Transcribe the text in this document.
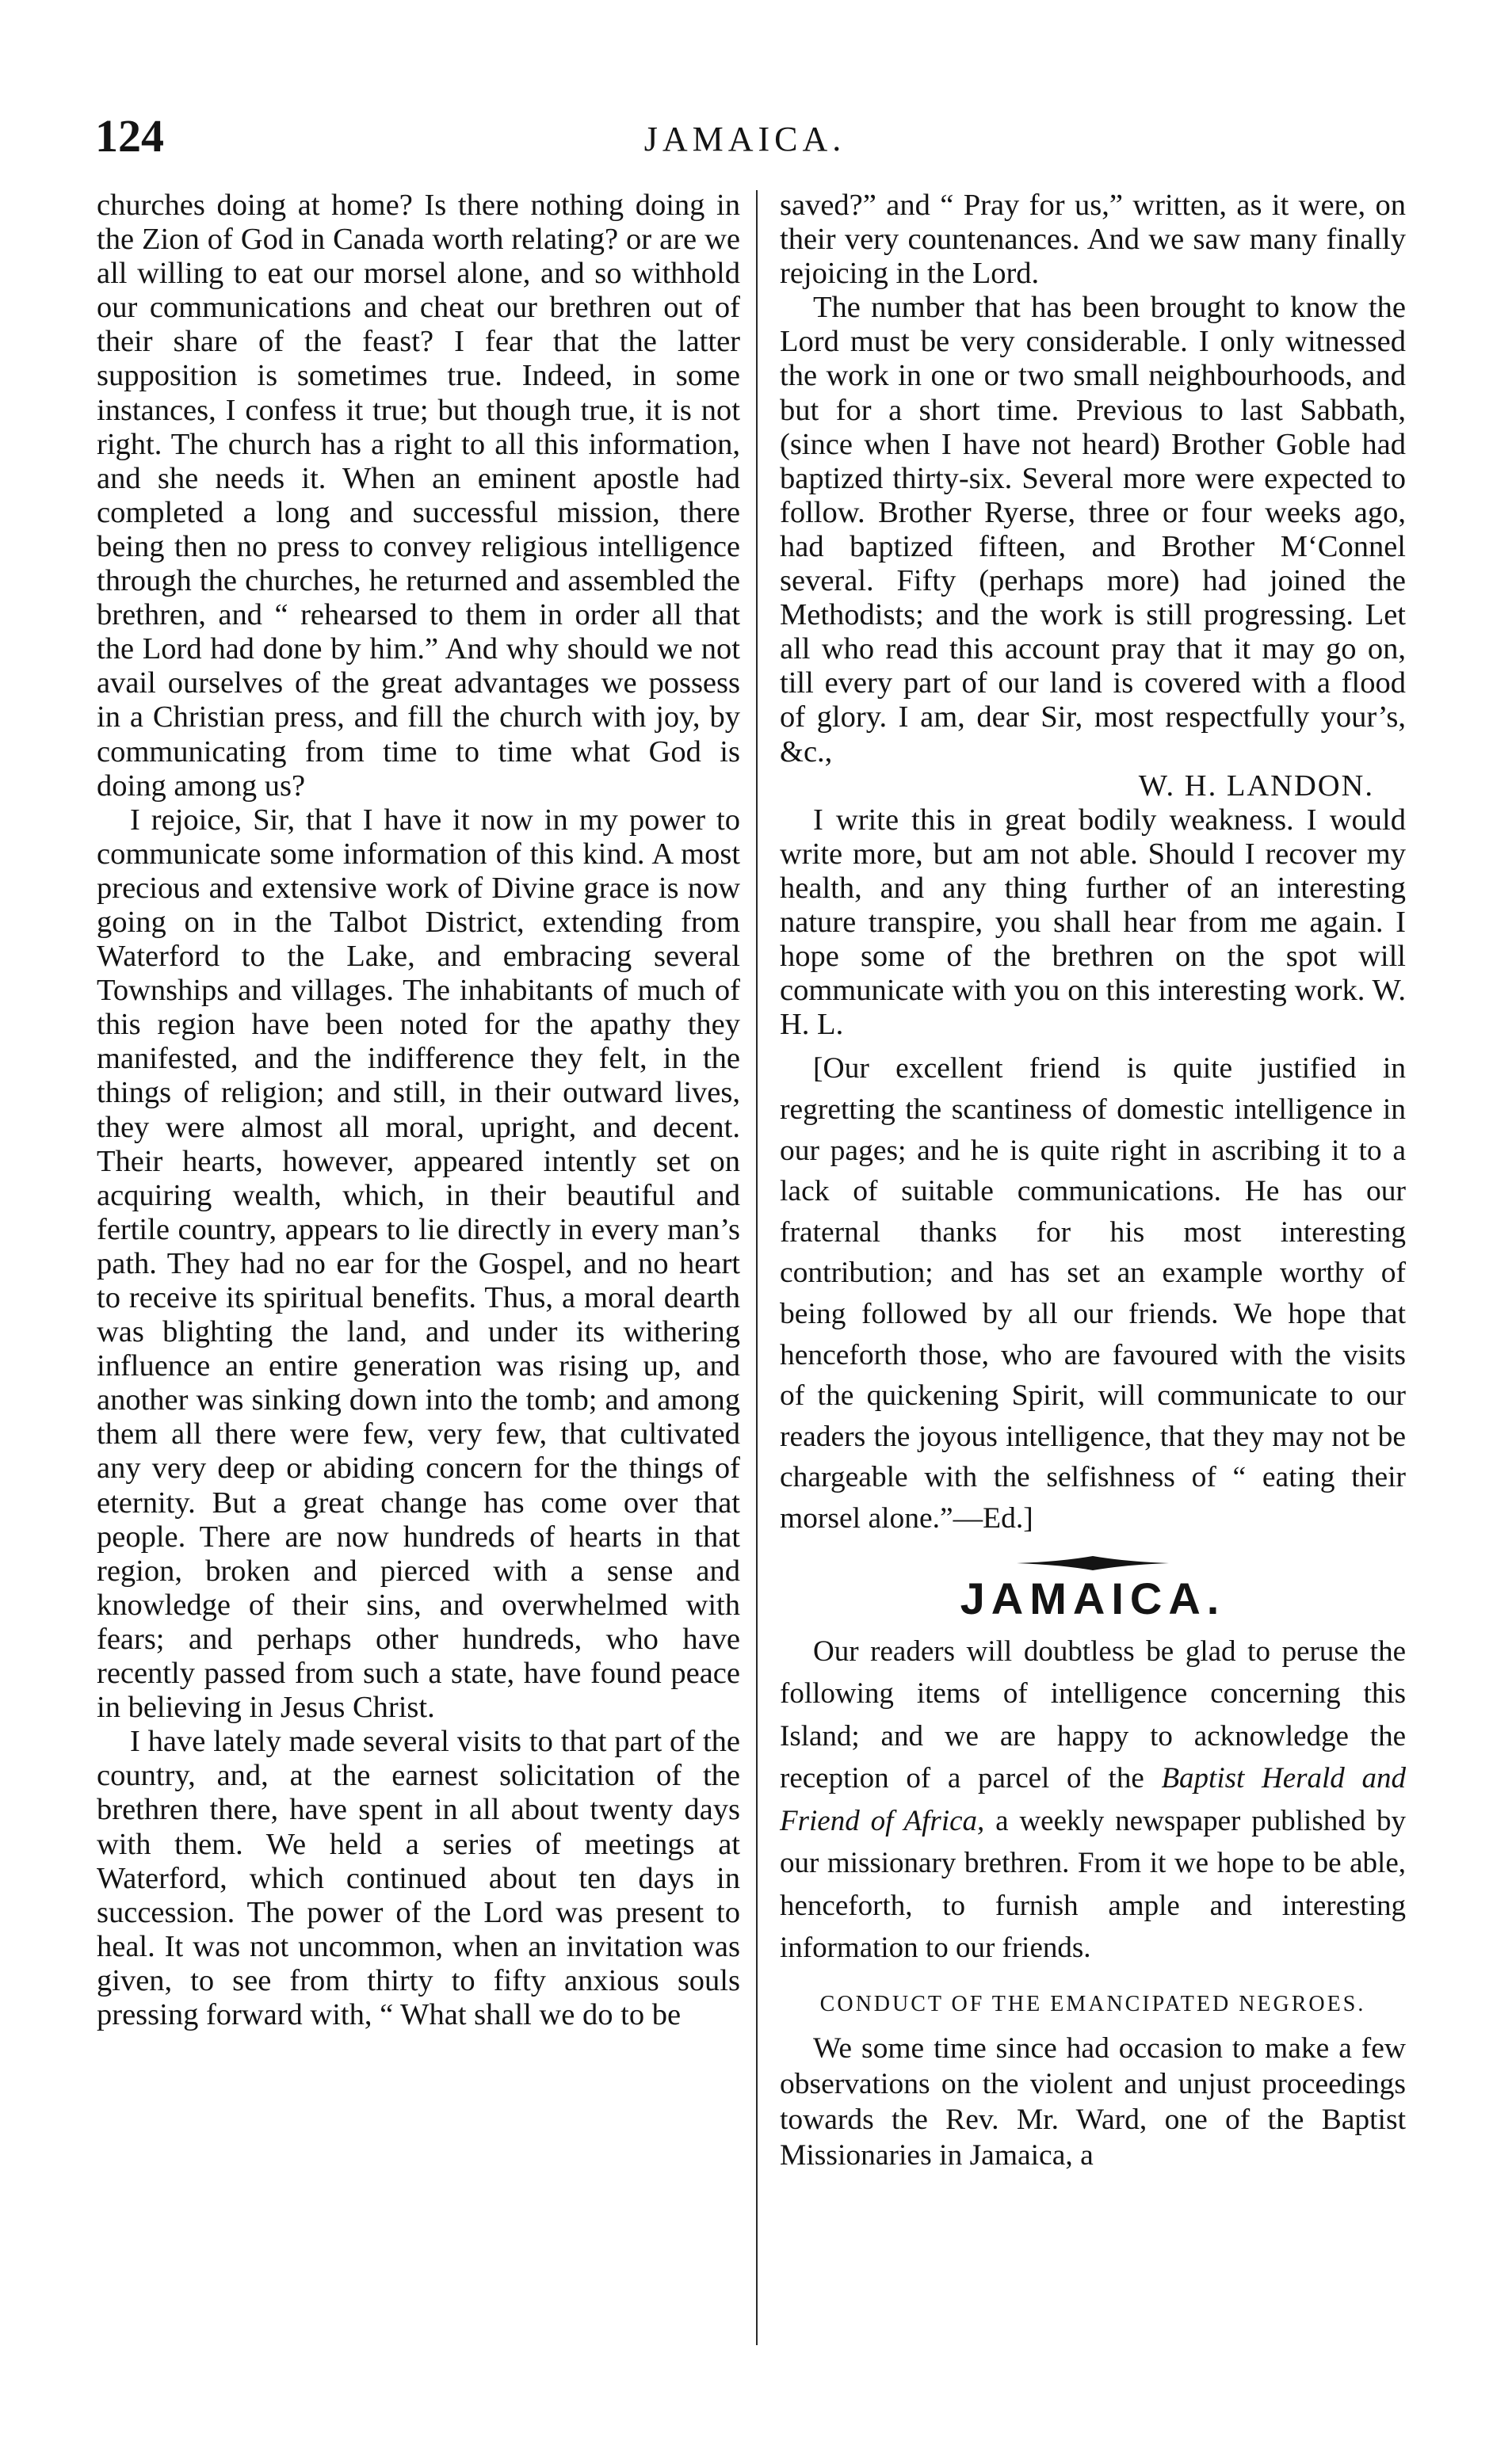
124	JAMAICA.

churches doing at home? Is there nothing doing in the Zion of God in Canada worth relating? or are we all willing to eat our morsel alone, and so withhold our communications and cheat our brethren out of their share of the feast? I fear that the latter supposition is sometimes true. Indeed, in some instances, I confess it true; but though true, it is not right. The church has a right to all this information, and she needs it. When an eminent apostle had completed a long and successful mission, there being then no press to convey religious intelligence through the churches, he returned and assembled the brethren, and “ rehearsed to them in order all that the Lord had done by him.” And why should we not avail ourselves of the great advantages we possess in a Christian press, and fill the church with joy, by communicating from time to time what God is doing among us?

I rejoice, Sir, that I have it now in my power to communicate some information of this kind. A most precious and extensive work of Divine grace is now going on in the Talbot District, extending from Waterford to the Lake, and embracing several Townships and villages. The inhabitants of much of this region have been noted for the apathy they manifested, and the indifference they felt, in the things of religion; and still, in their outward lives, they were almost all moral, upright, and decent. Their hearts, however, appeared intently set on acquiring wealth, which, in their beautiful and fertile country, appears to lie directly in every man’s path. They had no ear for the Gospel, and no heart to receive its spiritual benefits. Thus, a moral dearth was blighting the land, and under its withering influence an entire generation was rising up, and another was sinking down into the tomb; and among them all there were few, very few, that cultivated any very deep or abiding concern for the things of eternity. But a great change has come over that people. There are now hundreds of hearts in that region, broken and pierced with a sense and knowledge of their sins, and overwhelmed with fears; and perhaps other hundreds, who have recently passed from such a state, have found peace in believing in Jesus Christ.

I have lately made several visits to that part of the country, and, at the earnest solicitation of the brethren there, have spent in all about twenty days with them. We held a series of meetings at Waterford, which continued about ten days in succession. The power of the Lord was present to heal. It was not uncommon, when an invitation was given, to see from thirty to fifty anxious souls pressing forward with, “ What shall we do to be

saved?” and “ Pray for us,” written, as it were, on their very countenances. And we saw many finally rejoicing in the Lord.

The number that has been brought to know the Lord must be very considerable. I only witnessed the work in one or two small neighbourhoods, and but for a short time. Previous to last Sabbath, (since when I have not heard) Brother Goble had baptized thirty-six. Several more were expected to follow. Brother Ryerse, three or four weeks ago, had baptized fifteen, and Brother M‘Connel several. Fifty (perhaps more) had joined the Methodists; and the work is still progressing. Let all who read this account pray that it may go on, till every part of our land is covered with a flood of glory. I am, dear Sir, most respectfully your’s, &c.,

W. H. LANDON.

I write this in great bodily weakness. I would write more, but am not able. Should I recover my health, and any thing further of an interesting nature transpire, you shall hear from me again. I hope some of the brethren on the spot will communicate with you on this interesting work. W. H. L.

[Our excellent friend is quite justified in regretting the scantiness of domestic intelligence in our pages; and he is quite right in ascribing it to a lack of suitable communications. He has our fraternal thanks for his most interesting contribution; and has set an example worthy of being followed by all our friends. We hope that henceforth those, who are favoured with the visits of the quickening Spirit, will communicate to our readers the joyous intelligence, that they may not be chargeable with the selfishness of “ eating their morsel alone.”—Ed.]

JAMAICA.

Our readers will doubtless be glad to peruse the following items of intelligence concerning this Island; and we are happy to acknowledge the reception of a parcel of the Baptist Herald and Friend of Africa, a weekly newspaper published by our missionary brethren. From it we hope to be able, henceforth, to furnish ample and interesting information to our friends.

CONDUCT OF THE EMANCIPATED NEGROES.

We some time since had occasion to make a few observations on the violent and unjust proceedings towards the Rev. Mr. Ward, one of the Baptist Missionaries in Jamaica, a
